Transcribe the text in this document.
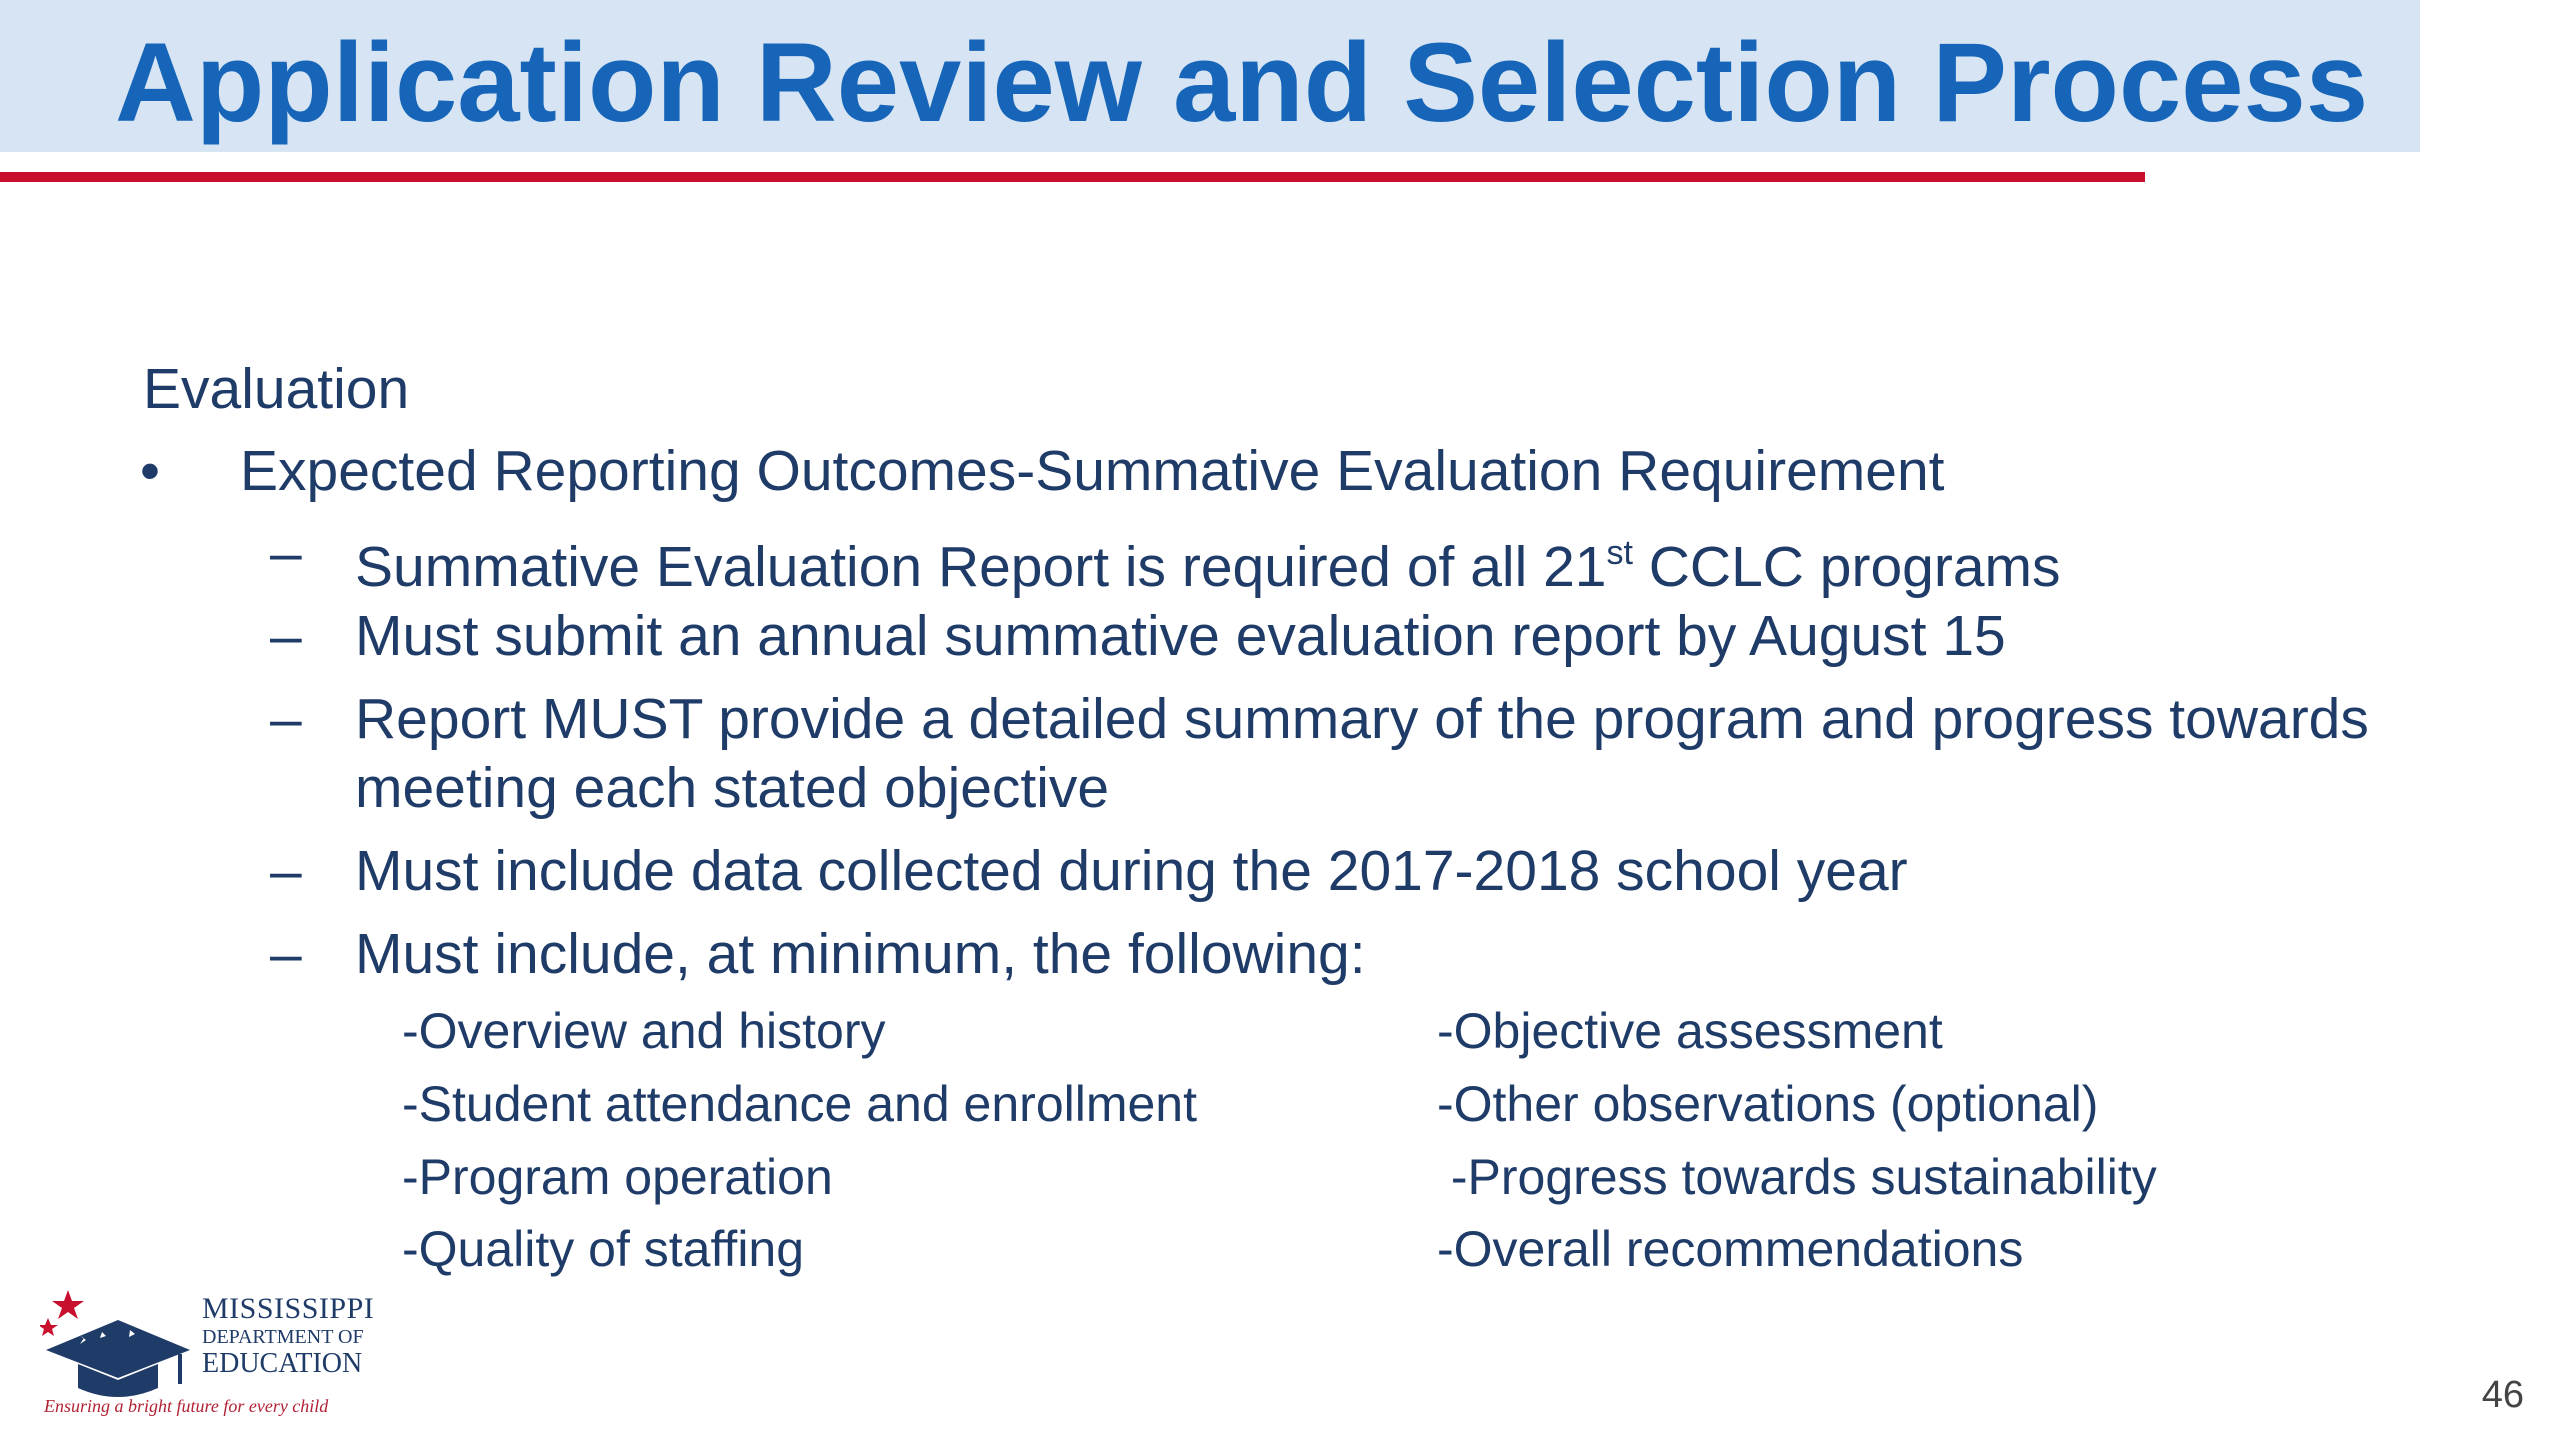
Application Review and Selection Process
Evaluation
• Expected Reporting Outcomes-Summative Evaluation Requirement
– Summative Evaluation Report is required of all 21st CCLC programs
– Must submit an annual summative evaluation report by August 15
– Report MUST provide a detailed summary of the program and progress towards
meeting each stated objective
– Must include data collected during the 2017-2018 school year
– Must include, at minimum, the following:
-Overview and history
-Student attendance and enrollment
-Program operation
-Quality of staffing
-Objective assessment
-Other observations (optional)
-Progress towards sustainability
-Overall recommendations
MISSISSIPPI
DEPARTMENT OF
EDUCATION
Ensuring a bright future for every child	46
